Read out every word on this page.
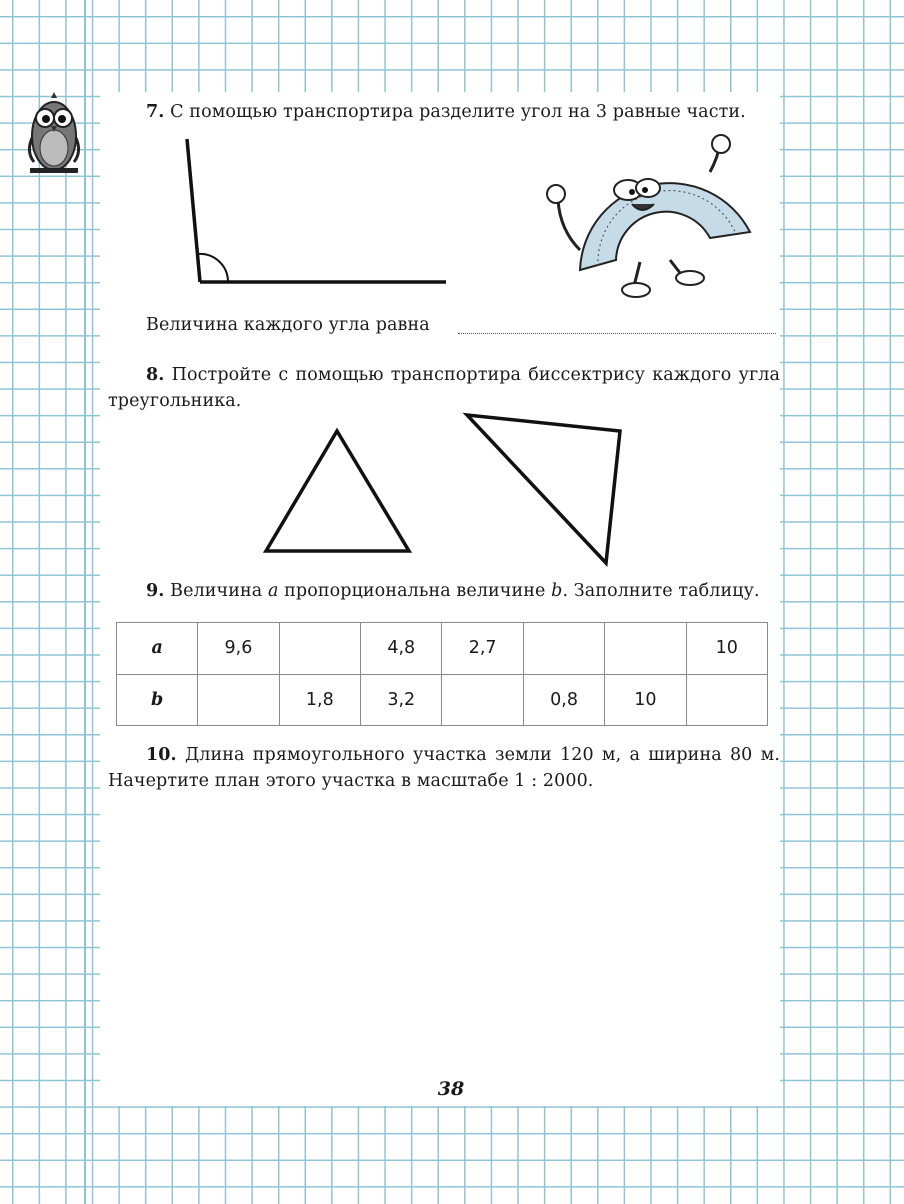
7. С помощью транспортира разделите угол на 3 равные части.
Величина каждого угла равна
8. Постройте с помощью транспортира биссектрису каждого угла треугольника.
9. Величина a пропорциональна величине b. Заполните таблицу.
a	9,6		4,8	2,7			10
b		1,8	3,2		0,8	10	
10. Длина прямоугольного участка земли 120 м, а ширина 80 м. Начертите план этого участка в масштабе 1 : 2000.
38
